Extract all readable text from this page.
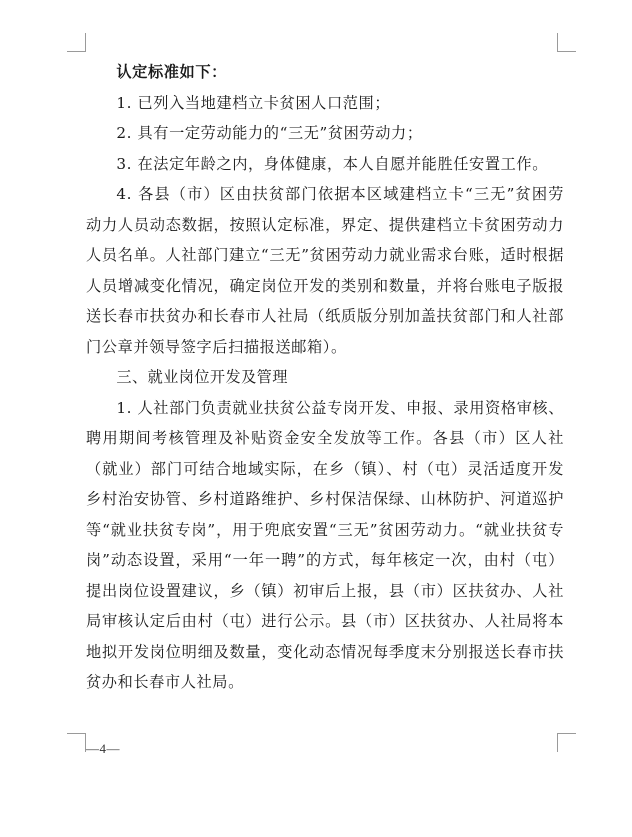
认定标准如下：

1. 已列入当地建档立卡贫困人口范围；

2. 具有一定劳动能力的“三无”贫困劳动力；

3. 在法定年龄之内，身体健康，本人自愿并能胜任安置工作。

4. 各县（市）区由扶贫部门依据本区域建档立卡“三无”贫困劳动力人员动态数据，按照认定标准，界定、提供建档立卡贫困劳动力人员名单。人社部门建立“三无”贫困劳动力就业需求台账，适时根据人员增减变化情况，确定岗位开发的类别和数量，并将台账电子版报送长春市扶贫办和长春市人社局（纸质版分别加盖扶贫部门和人社部门公章并领导签字后扫描报送邮箱）。

三、就业岗位开发及管理

1. 人社部门负责就业扶贫公益专岗开发、申报、录用资格审核、聘用期间考核管理及补贴资金安全发放等工作。各县（市）区人社（就业）部门可结合地域实际，在乡（镇）、村（屯）灵活适度开发乡村治安协管、乡村道路维护、乡村保洁保绿、山林防护、河道巡护等“就业扶贫专岗”，用于兜底安置“三无”贫困劳动力。“就业扶贫专岗”动态设置，采用“一年一聘”的方式，每年核定一次，由村（屯）提出岗位设置建议，乡（镇）初审后上报，县（市）区扶贫办、人社局审核认定后由村（屯）进行公示。县（市）区扶贫办、人社局将本地拟开发岗位明细及数量，变化动态情况每季度末分别报送长春市扶贫办和长春市人社局。

—4—
